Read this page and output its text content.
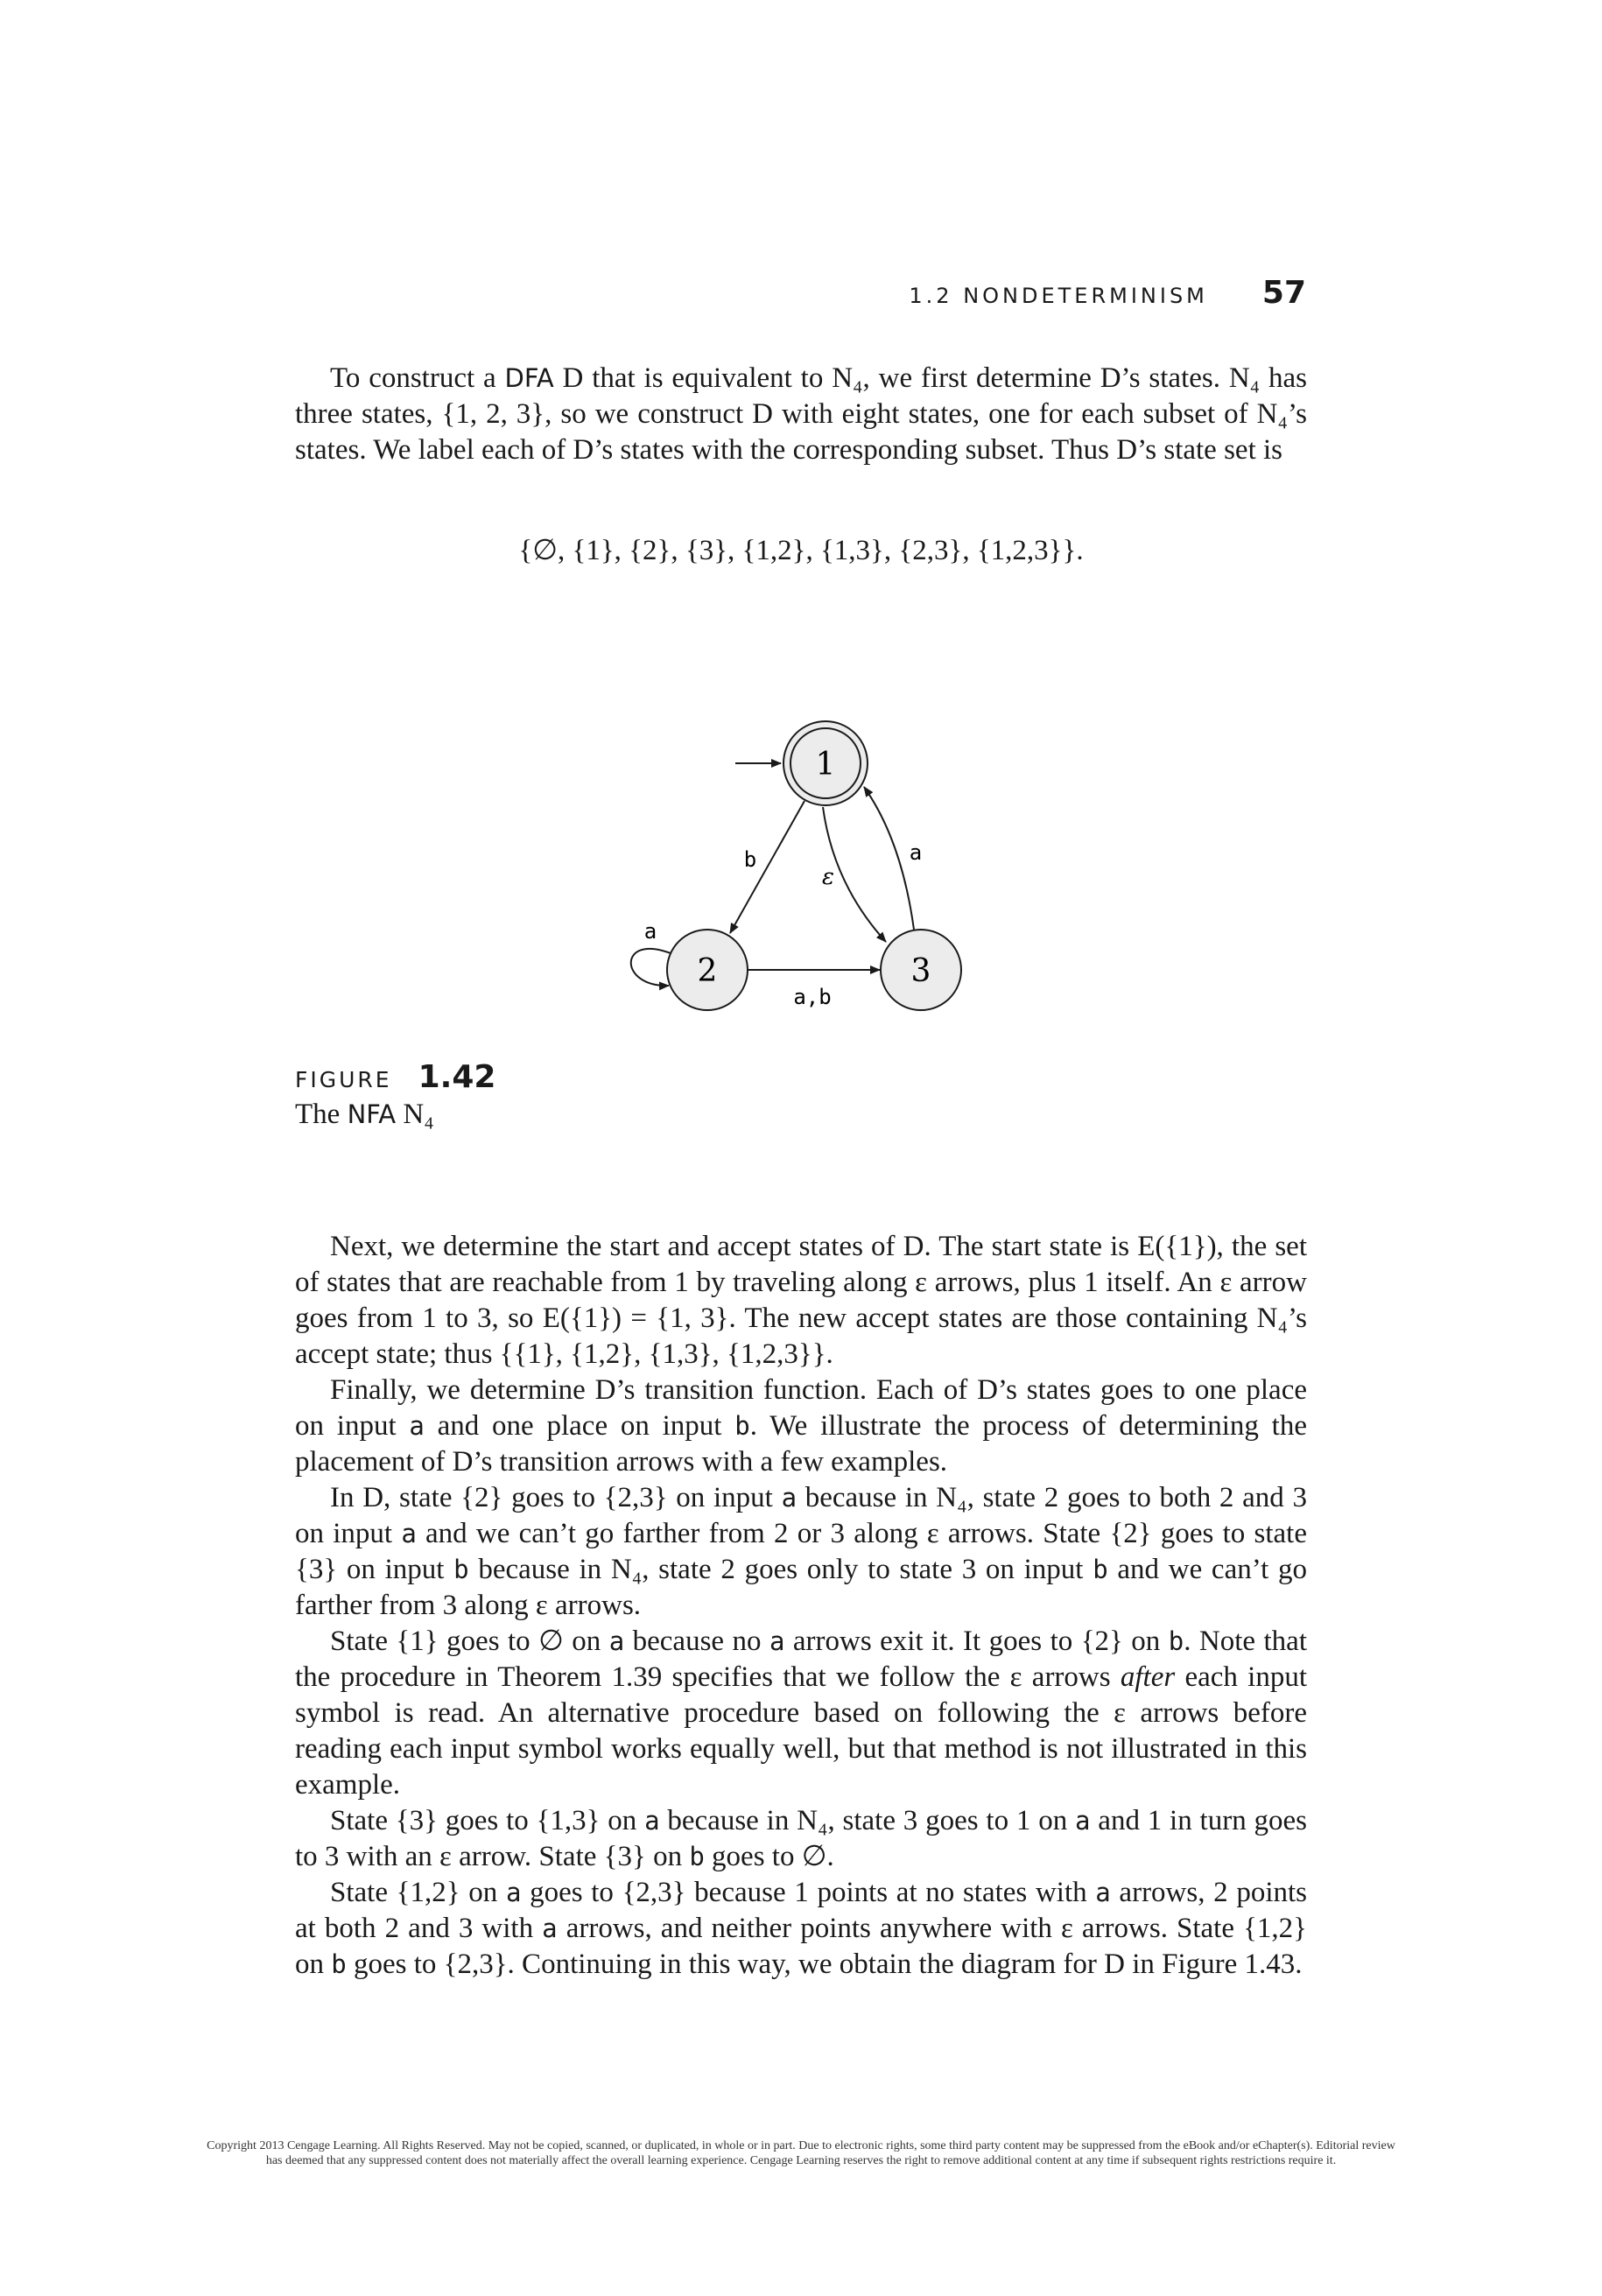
1.2 NONDETERMINISM 57

To construct a DFA D that is equivalent to N₄, we first determine D’s states. N₄ has three states, {1, 2, 3}, so we construct D with eight states, one for each subset of N₄’s states. We label each of D’s states with the corresponding subset. Thus D’s state set is

{∅, {1}, {2}, {3}, {1,2}, {1,3}, {2,3}, {1,2,3}}.
1
2	3
b
ε
a
a
a,b
FIGURE 1.42
The NFA N₄

Next, we determine the start and accept states of D. The start state is E({1}), the set of states that are reachable from 1 by traveling along ε arrows, plus 1 itself. An ε arrow goes from 1 to 3, so E({1}) = {1, 3}. The new accept states are those containing N₄’s accept state; thus {{1}, {1,2}, {1,3}, {1,2,3}}.

Finally, we determine D’s transition function. Each of D’s states goes to one place on input a and one place on input b. We illustrate the process of determining the placement of D’s transition arrows with a few examples.

In D, state {2} goes to {2,3} on input a because in N₄, state 2 goes to both 2 and 3 on input a and we can’t go farther from 2 or 3 along ε arrows. State {2} goes to state {3} on input b because in N₄, state 2 goes only to state 3 on input b and we can’t go farther from 3 along ε arrows.

State {1} goes to ∅ on a because no a arrows exit it. It goes to {2} on b. Note that the procedure in Theorem 1.39 specifies that we follow the ε arrows after each input symbol is read. An alternative procedure based on following the ε arrows before reading each input symbol works equally well, but that method is not illustrated in this example.

State {3} goes to {1,3} on a because in N₄, state 3 goes to 1 on a and 1 in turn goes to 3 with an ε arrow. State {3} on b goes to ∅.

State {1,2} on a goes to {2,3} because 1 points at no states with a arrows, 2 points at both 2 and 3 with a arrows, and neither points anywhere with ε arrows. State {1,2} on b goes to {2,3}. Continuing in this way, we obtain the diagram for D in Figure 1.43.

Copyright 2013 Cengage Learning. All Rights Reserved. May not be copied, scanned, or duplicated, in whole or in part. Due to electronic rights, some third party content may be suppressed from the eBook and/or eChapter(s). Editorial review has deemed that any suppressed content does not materially affect the overall learning experience. Cengage Learning reserves the right to remove additional content at any time if subsequent rights restrictions require it.
